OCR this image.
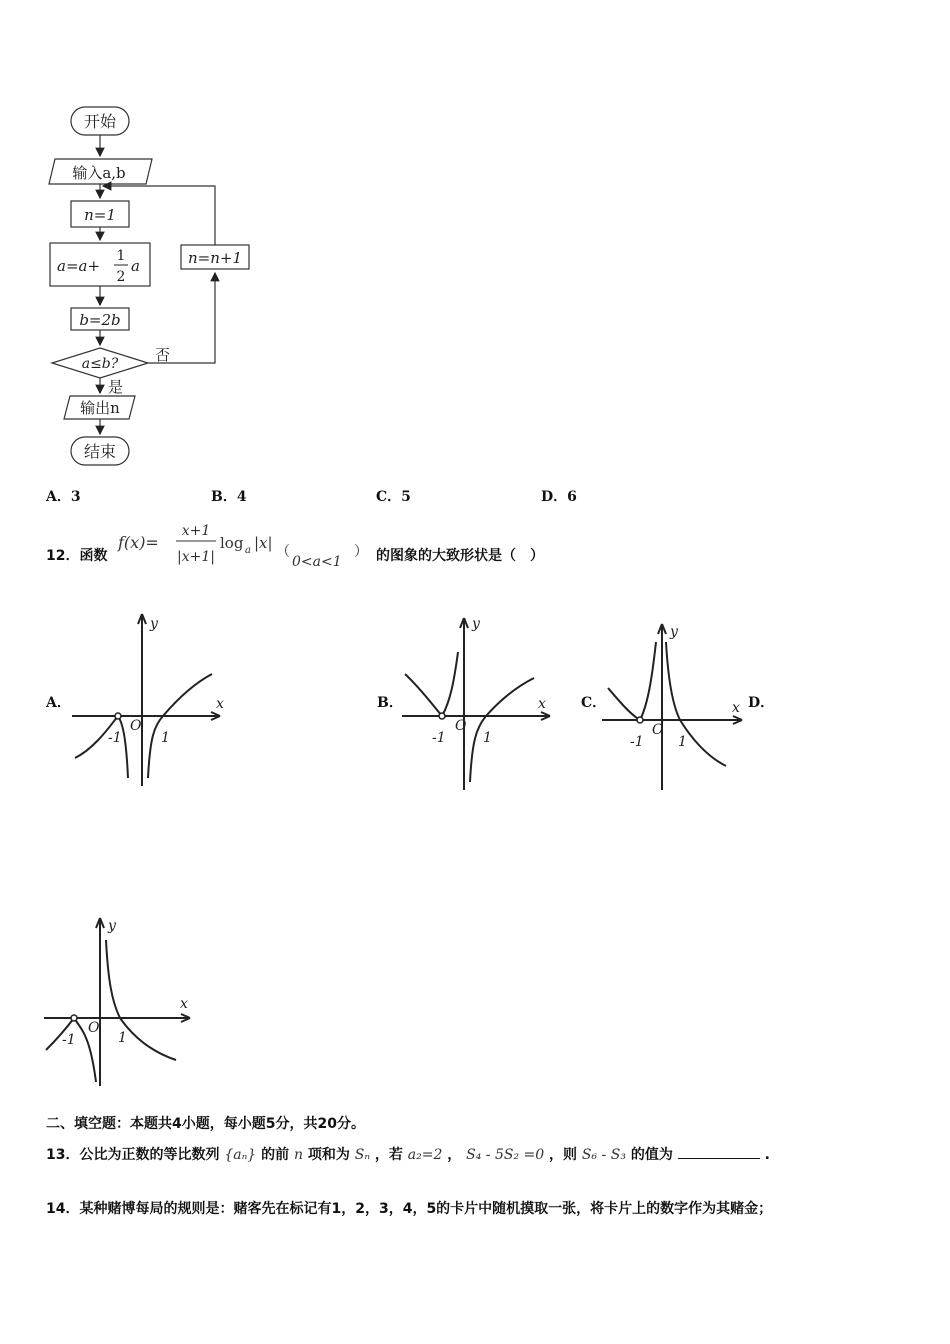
开始
输入a,b
n=1
a=a+
1
2
a
b=2b
a≤b? 否
是
n=n+1
输出n
结束
A．3	B．4	C．5	D．6
12．函数
f(x)=
x+1
|x+1|
log a |x| （
0<a<1
） 的图象的大致形状是（　）
A．	B．	C．	D．
y
x
-1
O
1
y
x
-1
O
1
y
x
-1
O
1
y
x
-1
O
1
二、填空题：本题共4小题，每小题5分，共20分。
13．公比为正数的等比数列 {aₙ} 的前 n 项和为 Sₙ ，若 a₂=2 ， S₄ - 5S₂ =0 ，则 S₆ - S₃ 的值为	.
14．某种赌博每局的规则是：赌客先在标记有1，2，3，4，5的卡片中随机摸取一张，将卡片上的数字作为其赌金；
